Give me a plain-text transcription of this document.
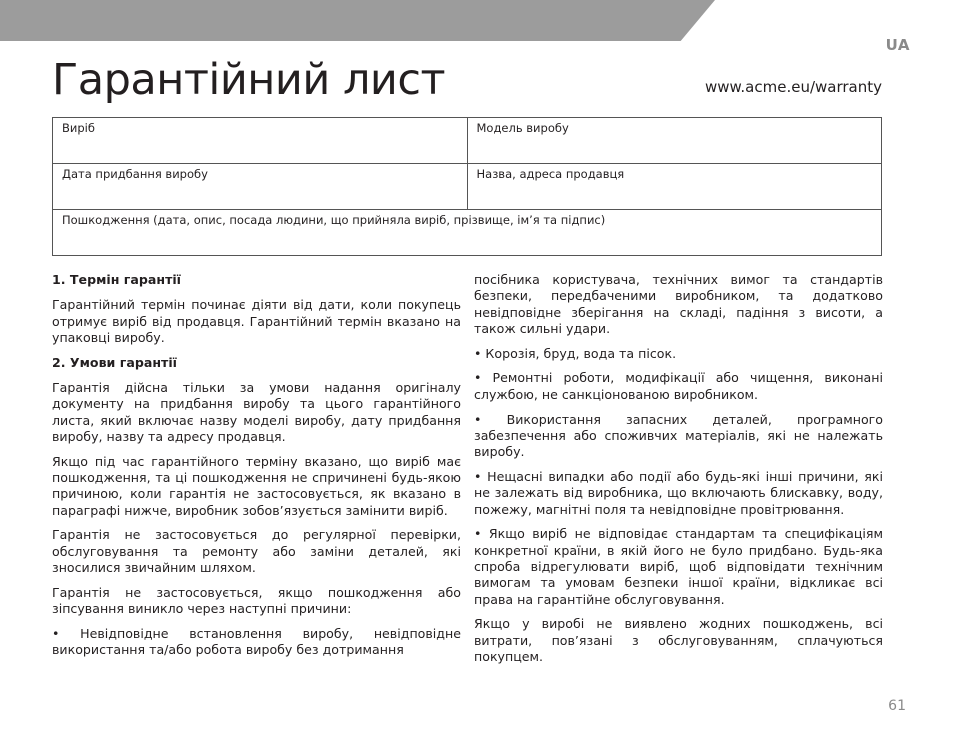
UA
Гарантійний лист	www.acme.eu/warranty
Виріб	Модель виробу
Дата придбання виробу	Назва, адреса продавця
Пошкодження (дата, опис, посада людини, що прийняла виріб, прізвище, ім’я та підпис)	

1. Термін гарантії

Гарантійний термін починає діяти від дати, коли покупець отримує виріб від продавця. Гарантійний термін вказано на упаковці виробу.

2. Умови гарантії

Гарантія дійсна тільки за умови надання оригіналу документу на придбання виробу та цього гарантійного листа, який включає назву моделі виробу, дату придбання виробу, назву та адресу продавця.

Якщо під час гарантійного терміну вказано, що виріб має пошкодження, та ці пошкодження не спричинені будь-якою причиною, коли гарантія не застосовується, як вказано в параграфі нижче, виробник зобов’язується замінити виріб.

Гарантія не застосовується до регулярної перевірки, обслуговування та ремонту або заміни деталей, які зносилися звичайним шляхом.

Гарантія не застосовується, якщо пошкодження або зіпсування виникло через наступні причини:

• Невідповідне встановлення виробу, невідповідне використання та/або робота виробу без дотримання

посібника користувача, технічних вимог та стандартів безпеки, передбаченими виробником, та додатково невідповідне зберігання на складі, падіння з висоти, а також сильні удари.

• Корозія, бруд, вода та пісок.

• Ремонтні роботи, модифікації або чищення, виконані службою, не санкціонованою виробником.

• Використання запасних деталей, програмного забезпечення або споживчих матеріалів, які не належать виробу.

• Нещасні випадки або події або будь-які інші причини, які не залежать від виробника, що включають блискавку, воду, пожежу, магнітні поля та невідповідне провітрювання.

• Якщо виріб не відповідає стандартам та специфікаціям конкретної країни, в якій його не було придбано. Будь-яка спроба відрегулювати виріб, щоб відповідати технічним вимогам та умовам безпеки іншої країни, відкликає всі права на гарантійне обслуговування.

Якщо у виробі не виявлено жодних пошкоджень, всі витрати, пов’язані з обслуговуванням, сплачуються покупцем.

61
